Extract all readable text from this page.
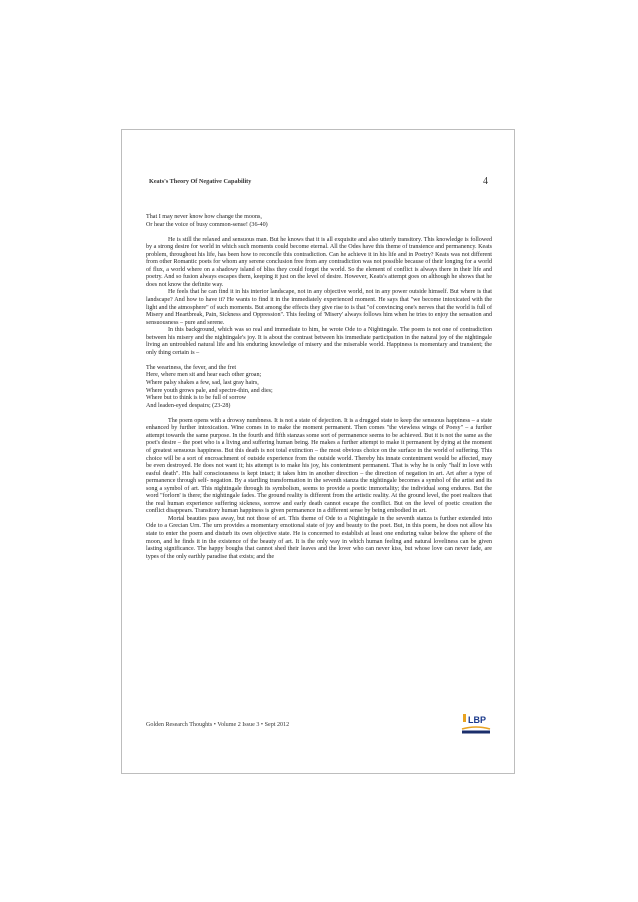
Keats's Theory Of Negative Capability	4

That I may never know how change the moons,

Or hear the voice of busy common-sense! (36-40)

He is still the relaxed and sensuous man. But he knows that it is all exquisite and also utterly transitory. This knowledge is followed by a strong desire for world in which such moments could become eternal. All the Odes have this theme of transience and permanency. Keats problem, throughout his life, has been how to reconcile this contradiction. Can he achieve it in his life and in Poetry? Keats was not different from other Romantic poets for whom any serene conclusion free from any contradiction was not possible because of their longing for a world of flux, a world where on a shadowy island of bliss they could forget the world. So the element of conflict is always there in their life and poetry. And so fusion always escapes them, keeping it just on the level of desire. However, Keats's attempt goes on although he shows that he does not know the definite way.

He feels that he can find it in his interior landscape, not in any objective world, not in any power outside himself. But where is that landscape? And how to have it? He wants to find it in the immediately experienced moment. He says that "we become intoxicated with the light and the atmosphere" of such moments. But among the effects they give rise to is that "of convincing one's nerves that the world is full of Misery and Heartbreak, Pain, Sickness and Oppression". This feeling of 'Misery' always follows him when he tries to enjoy the sensation and sensuousness – pure and serene.

In this background, which was so real and immediate to him, he wrote Ode to a Nightingale. The poem is not one of contradiction between his misery and the nightingale's joy. It is about the contrast between his immediate participation in the natural joy of the nightingale living an untroubled natural life and his enduring knowledge of misery and the miserable world. Happiness is momentary and transient; the only thing certain is –

The weariness, the fever, and the fret

Here, where men sit and hear each other groan;

Where palsy shakes a few, sad, last gray hairs,

Where youth grows pale, and spectre-thin, and dies;

Where but to think is to be full of sorrow

And leaden-eyed despairs; (23-28)

The poem opens with a drowsy numbness. It is not a state of dejection. It is a drugged state to keep the sensuous happiness – a state enhanced by further intoxication. Wine comes in to make the moment permanent. Then comes "the viewless wings of Poesy" – a further attempt towards the same purpose. In the fourth and fifth stanzas some sort of permanence seems to be achieved. But it is not the same as the poet's desire – the poet who is a living and suffering human being. He makes a further attempt to make it permanent by dying at the moment of greatest sensuous happiness. But this death is not total extinction – the most obvious choice on the surface in the world of suffering. This choice will be a sort of encroachment of outside experience from the outside world. Thereby his innate contentment would be affected, may be even destroyed. He does not want it; his attempt is to make his joy, his contentment permanent. That is why he is only "half in love with easful death". His half consciousness is kept intact; it takes him in another direction – the direction of negation in art. Art after a type of permanence through self- negation. By a startling transformation in the seventh stanza the nightingale becomes a symbol of the artist and its song a symbol of art. This nightingale through its symbolism, seems to provide a poetic immortality; the individual song endures. But the word "forlorn' is there; the nightingale fades. The ground reality is different from the artistic reality. At the ground level, the poet realizes that the real human experience suffering sickness, sorrow and early death cannot escape the conflict. But on the level of poetic creation the conflict disappears. Transitory human happiness is given permanence in a different sense by being embodied in art.

Mortal beauties pass away, but not those of art. This theme of Ode to a Nightingale in the seventh stanza is further extended into Ode to a Grecian Urn. The urn provides a momentary emotional state of joy and beauty to the poet. But, in this poem, he does not allow his state to enter the poem and disturb its own objective state. He is concerned to establish at least one enduring value below the sphere of the moon, and he finds it in the existence of the beauty of art. It is the only way in which human feeling and natural loveliness can be given lasting significance. The happy boughs that cannot shed their leaves and the lover who can never kiss, but whose love can never fade, are types of the only earthly paradise that exists; and the

Golden Research Thoughts • Volume 2 Issue 3 • Sept 2012	LBP
